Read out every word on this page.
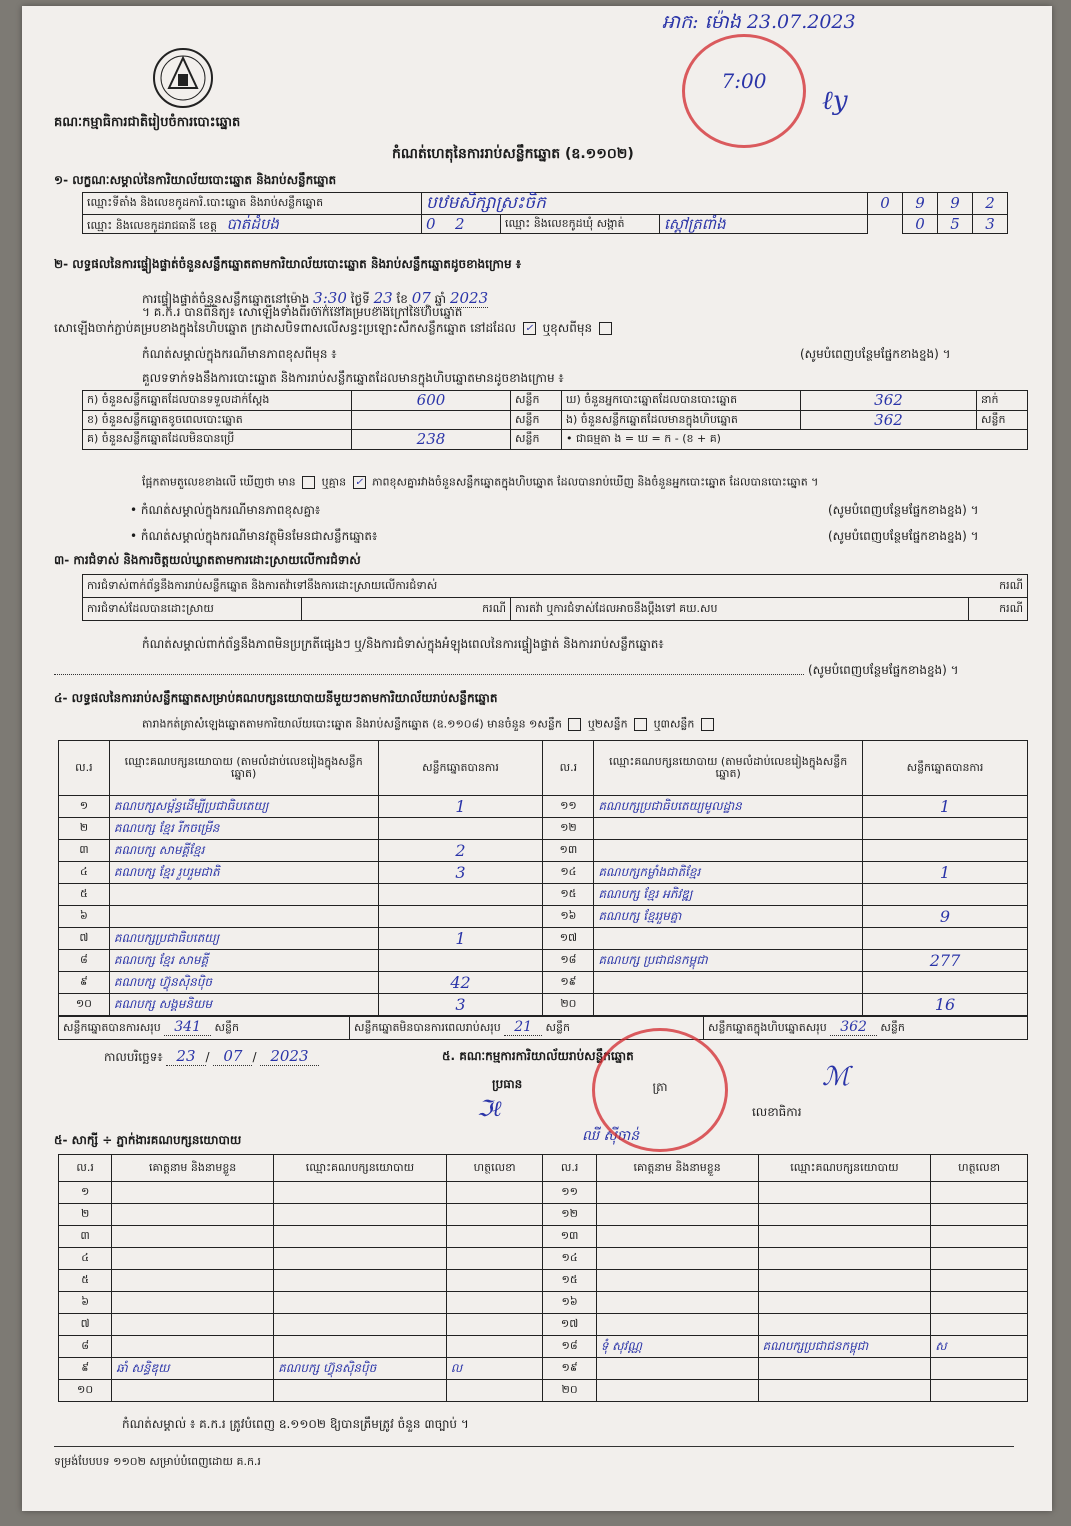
អាក: ម៉ោង 23.07.2023
7:00
ℓy
គណៈកម្មាធិការជាតិរៀបចំការបោះឆ្នោត
កំណត់ហេតុនៃការរាប់សន្លឹកឆ្នោត (ឧ.១១០២)
១- លក្ខណៈសម្គាល់នៃការិយាល័យបោះឆ្នោត និងរាប់សន្លឹកឆ្នោត
ឈ្មោះទីតាំង និងលេខកូដការិ.បោះឆ្នោត និងរាប់សន្លឹកឆ្នោត	បឋមសិក្សាស្រះចិក			0	9	9	2
ឈ្មោះ និងលេខកូដរាជធានី ខេត្ត បាត់ដំបង	0 2	ឈ្មោះ និងលេខកូដឃុំ សង្កាត់	ស្ដៅត្រពាំង		0	5	3
២- លទ្ធផលនៃការផ្ទៀងផ្ទាត់ចំនួនសន្លឹកឆ្នោតតាមការិយាល័យបោះឆ្នោត និងរាប់សន្លឹកឆ្នោតដូចខាងក្រោម ៖
ការផ្ទៀងផ្ទាត់ចំនួនសន្លឹកឆ្នោតនៅម៉ោង 3:30 ថ្ងៃទី 23 ខែ 07 ឆ្នាំ 2023
។ គ.ក.រ បានពិនិត្យ៖ សោឡើងទាំងពីរចាក់នៅគម្របខាងក្រៅនៃហិបឆ្នោត
សោឡើងចាក់ភ្ជាប់គម្របខាងក្នុងនៃហិបឆ្នោត ក្រដាសបិទពាសលើសន្ធះប្រឡោះសឹកសន្លឹកឆ្នោត នៅដដែល ✓ ឬខុសពីមុន
កំណត់សម្គាល់ក្នុងករណីមានភាពខុសពីមុន ៖	(សូមបំពេញបន្ថែមផ្នែកខាងខ្នង) ។
គួលទទាក់ទងនឹងការបោះឆ្នោត និងការរាប់សន្លឹកឆ្នោតដែលមានក្នុងហិបឆ្នោតមានដូចខាងក្រោម ៖
ក) ចំនួនសន្លឹកឆ្នោតដែលបានទទួលដាក់ស្ដែង	600	សន្លឹក	ឃ) ចំនួនអ្នកបោះឆ្នោតដែលបានបោះឆ្នោត	362	នាក់
ខ) ចំនួនសន្លឹកឆ្នោតខូចពេលបោះឆ្នោត		សន្លឹក	ង) ចំនួនសន្លឹកឆ្នោតដែលមានក្នុងហិបឆ្នោត	362	សន្លឹក
គ) ចំនួនសន្លឹកឆ្នោតដែលមិនបានប្រើ	238	សន្លឹក	• ជាធម្មតា ង = ឃ = ក - (ខ + គ)		
ផ្អែកតាមតួលេខខាងលើ ឃើញថា មាន ឬគ្មាន ✓ ភាពខុសគ្នារវាងចំនួនសន្លឹកឆ្នោតក្នុងហិបឆ្នោត ដែលបានរាប់ឃើញ និងចំនួនអ្នកបោះឆ្នោត ដែលបានបោះឆ្នោត ។
• កំណត់សម្គាល់ក្នុងករណីមានភាពខុសគ្នា៖	(សូមបំពេញបន្ថែមផ្នែកខាងខ្នង) ។
• កំណត់សម្គាល់ក្នុងករណីមានវត្ថុមិនមែនជាសន្លឹកឆ្នោត៖	(សូមបំពេញបន្ថែមផ្នែកខាងខ្នង) ។
៣- ការជំទាស់ និងការចិត្តយល់ឃ្លាតតាមការដោះស្រាយលើការជំទាស់
ការជំទាស់ពាក់ព័ន្ធនឹងការរាប់សន្លឹកឆ្នោត និងការតវ៉ាទៅនឹងការដោះស្រាយលើការជំទាស់	ករណី

ការជំទាស់ដែលបានដោះស្រាយ	ករណី	ការតវ៉ា ឬការជំទាស់ដែលអាចនឹងប្ដឹងទៅ គឃ.សប	ករណី
កំណត់សម្គាល់ពាក់ព័ន្ធនឹងភាពមិនប្រក្រតីផ្សេងៗ ឬ/និងការជំទាស់ក្នុងអំឡុងពេលនៃការផ្ទៀងផ្ទាត់ និងការរាប់សន្លឹកឆ្នោត៖
(សូមបំពេញបន្ថែមផ្នែកខាងខ្នង) ។
៤- លទ្ធផលនៃការរាប់សន្លឹកឆ្នោតសម្រាប់គណបក្សនយោបាយនីមួយៗតាមការិយាល័យរាប់សន្លឹកឆ្នោត
តារាងកត់ត្រាសំឡេងឆ្នោតតាមការិយាល័យបោះឆ្នោត និងរាប់សន្លឹកឆ្នោត (ឧ.១១០៨) មានចំនួន ១សន្លឹក ឬ២សន្លឹក ឬ៣សន្លឹក
ល.រ	ឈ្មោះគណបក្សនយោបាយ (តាមលំដាប់លេខរៀងក្នុងសន្លឹកឆ្នោត)	សន្លឹកឆ្នោតបានការ	ល.រ	ឈ្មោះគណបក្សនយោបាយ (តាមលំដាប់លេខរៀងក្នុងសន្លឹកឆ្នោត)	សន្លឹកឆ្នោតបានការ
១	គណបក្សសម្ព័ន្ធដើម្បីប្រជាធិបតេយ្យ	1	១១	គណបក្សប្រជាធិបតេយ្យមូលដ្ឋាន	1
២	គណបក្ស ខ្មែរ រីកចម្រើន		១២		
៣	គណបក្ស សាមគ្គីខ្មែរ	2	១៣		
៤	គណបក្ស ខ្មែរ រួបរួមជាតិ	3	១៤	គណបក្សកម្លាំងជាតិខ្មែរ	1
៥			១៥	គណបក្ស ខ្មែរ អភិវឌ្ឍ	
៦			១៦	គណបក្ស ខ្មែររួមគ្នា	9
៧	គណបក្សប្រជាធិបតេយ្យ	1	១៧		
៨	គណបក្ស ខ្មែរ សាមគ្គី		១៨	គណបក្ស ប្រជាជនកម្ពុជា	277
៩	គណបក្ស ហ៊្វុនស៊ិនប៉ិច	42	១៩		
១០	គណបក្ស សង្គមនិយម	3	២០		16
សន្លឹកឆ្នោតបានការសរុប 341 សន្លឹក	សន្លឹកឆ្នោតមិនបានការពេលរាប់សរុប 21 សន្លឹក	សន្លឹកឆ្នោតក្នុងហិបឆ្នោតសរុប 362 សន្លឹក
កាលបរិច្ឆេទ៖ 23 / 07 / 2023	៥. គណៈកម្មការការិយាល័យរាប់សន្លឹកឆ្នោត
ប្រធាន
ℑℓ
ឈី ស៊ីចាន់
ត្រា	ℳ
លេខាធិការ
៥- សាក្សី ÷ ភ្នាក់ងារគណបក្សនយោបាយ
ល.រ	គោត្តនាម និងនាមខ្លួន	ឈ្មោះគណបក្សនយោបាយ	ហត្ថលេខា	ល.រ	គោត្តនាម និងនាមខ្លួន	ឈ្មោះគណបក្សនយោបាយ	ហត្ថលេខា
១				១១			
២				១២			
៣				១៣			
៤				១៤			
៥				១៥			
៦				១៦			
៧				១៧			
៨				១៨	ទុំ សុវណ្ណ	គណបក្សប្រជាជនកម្ពុជា	ស
៩	ឆាំ សន្ធិឌុយ	គណបក្ស ហ៊្វុនស៊ិនប៉ិច	ល	១៩			
១០				២០			
កំណត់សម្គាល់ ៖ គ.ក.រ ត្រូវបំពេញ ឧ.១១០២ ឱ្យបានត្រឹមត្រូវ ចំនួន ៣ច្បាប់ ។
ទម្រង់បែបបទ ១១០២ សម្រាប់បំពេញដោយ គ.ក.រ
